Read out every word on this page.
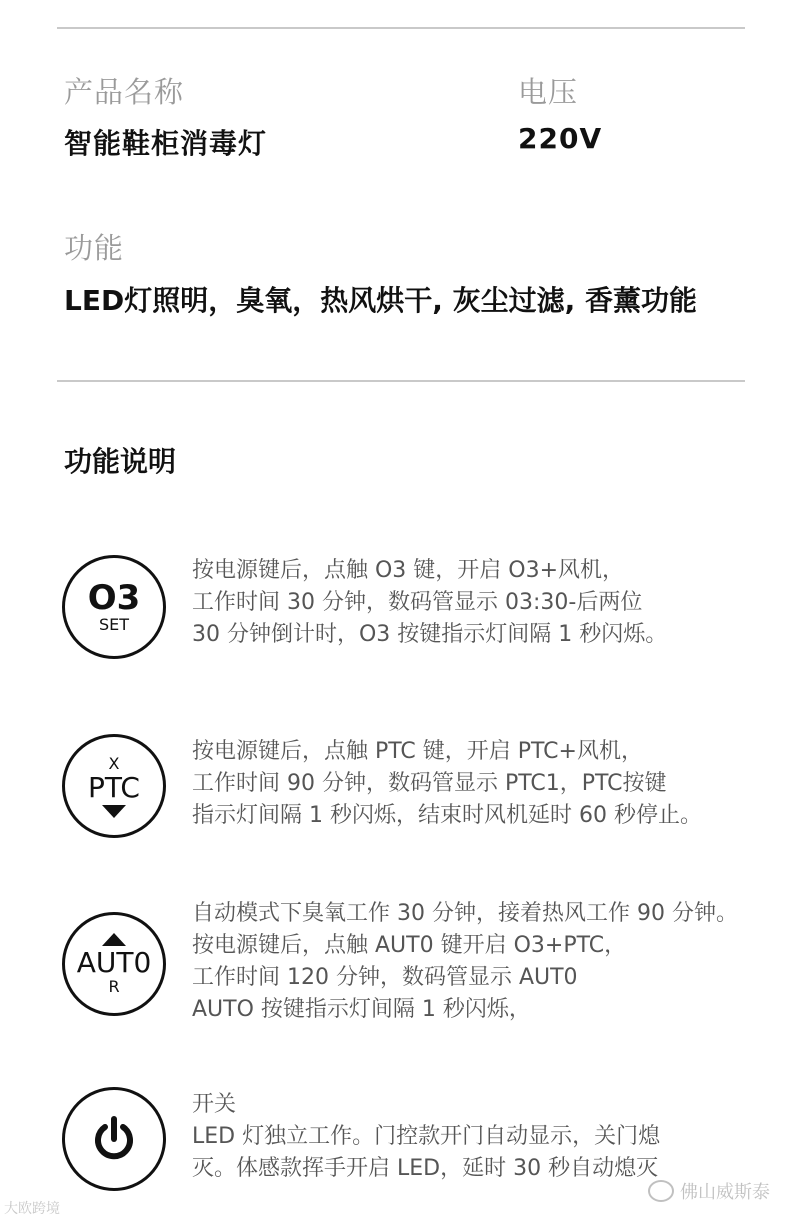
产品名称
智能鞋柜消毒灯
电压
220V
功能
LED灯照明，臭氧，热风烘干, 灰尘过滤, 香薰功能
功能说明
O3
SET
按电源键后，点触 O3 键，开启 O3+风机，
工作时间 30 分钟，数码管显示 03:30-后两位
30 分钟倒计时，O3 按键指示灯间隔 1 秒闪烁。
X
PTC
按电源键后，点触 PTC 键，开启 PTC+风机，
工作时间 90 分钟，数码管显示 PTC1，PTC按键
指示灯间隔 1 秒闪烁，结束时风机延时 60 秒停止。
AUT0
R
自动模式下臭氧工作 30 分钟，接着热风工作 90 分钟。
按电源键后，点触 AUT0 键开启 O3+PTC，
工作时间 120 分钟，数码管显示 AUT0
AUTO 按键指示灯间隔 1 秒闪烁，
开关
LED 灯独立工作。门控款开门自动显示，关门熄
灭。体感款挥手开启 LED，延时 30 秒自动熄灭
大欧跨境
佛山威斯泰
